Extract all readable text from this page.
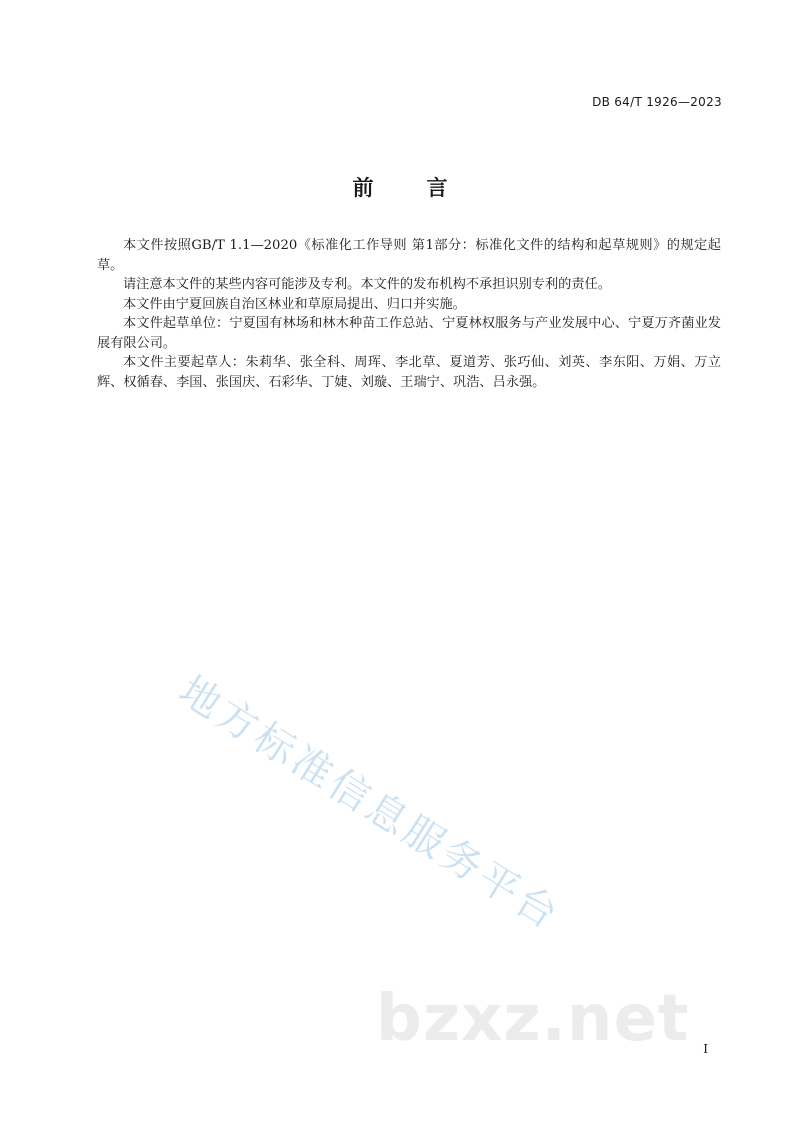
DB 64/T 1926—2023
前　言

本文件按照GB/T 1.1—2020《标准化工作导则 第1部分：标准化文件的结构和起草规则》的规定起草。

请注意本文件的某些内容可能涉及专利。本文件的发布机构不承担识别专利的责任。

本文件由宁夏回族自治区林业和草原局提出、归口并实施。

本文件起草单位：宁夏国有林场和林木种苗工作总站、宁夏林权服务与产业发展中心、宁夏万齐菌业发展有限公司。

本文件主要起草人：朱莉华、张全科、周珲、李北草、夏道芳、张巧仙、刘英、李东阳、万娟、万立辉、权循春、李国、张国庆、石彩华、丁婕、刘璇、王瑞宁、巩浩、吕永强。

地方标准信息服务平台
bzxz.net I
